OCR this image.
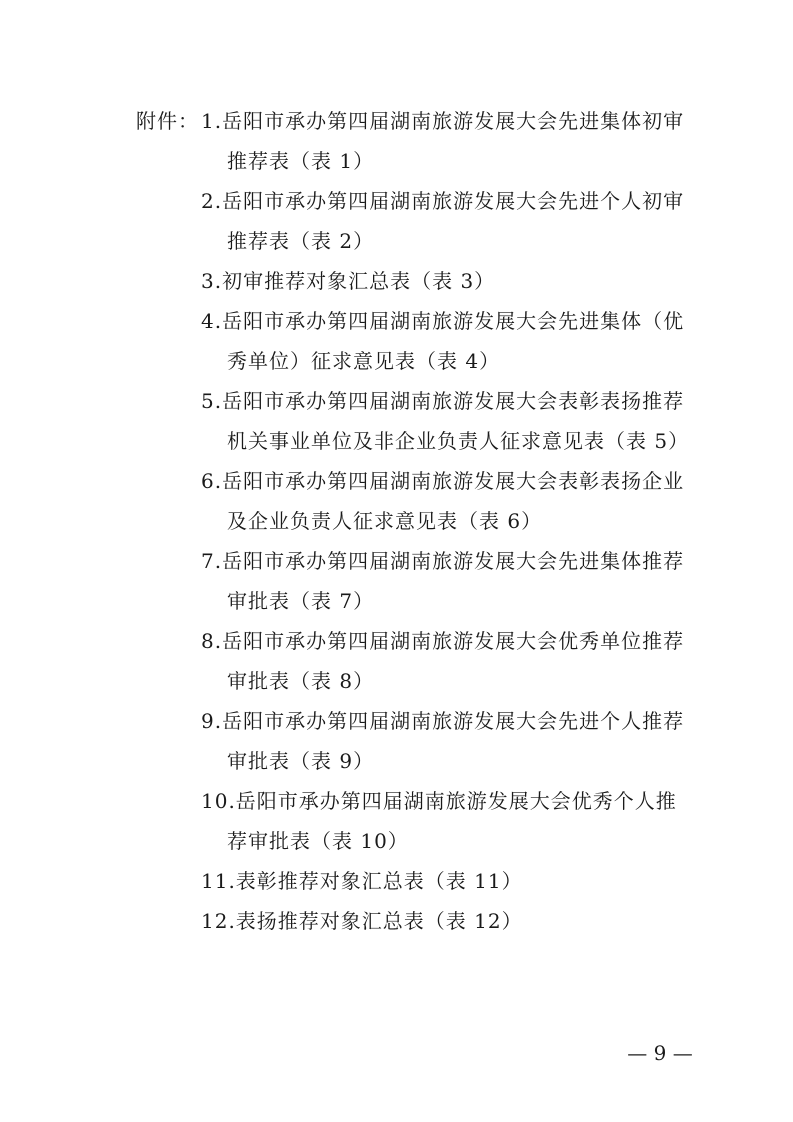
附件： 1.岳阳市承办第四届湖南旅游发展大会先进集体初审
推荐表（表 1）
2.岳阳市承办第四届湖南旅游发展大会先进个人初审
推荐表（表 2）
3.初审推荐对象汇总表（表 3）
4.岳阳市承办第四届湖南旅游发展大会先进集体（优
秀单位）征求意见表（表 4）
5.岳阳市承办第四届湖南旅游发展大会表彰表扬推荐
机关事业单位及非企业负责人征求意见表（表 5）
6.岳阳市承办第四届湖南旅游发展大会表彰表扬企业
及企业负责人征求意见表（表 6）
7.岳阳市承办第四届湖南旅游发展大会先进集体推荐
审批表（表 7）
8.岳阳市承办第四届湖南旅游发展大会优秀单位推荐
审批表（表 8）
9.岳阳市承办第四届湖南旅游发展大会先进个人推荐
审批表（表 9）
10.岳阳市承办第四届湖南旅游发展大会优秀个人推
荐审批表（表 10）
11.表彰推荐对象汇总表（表 11）
12.表扬推荐对象汇总表（表 12）
— 9 —
